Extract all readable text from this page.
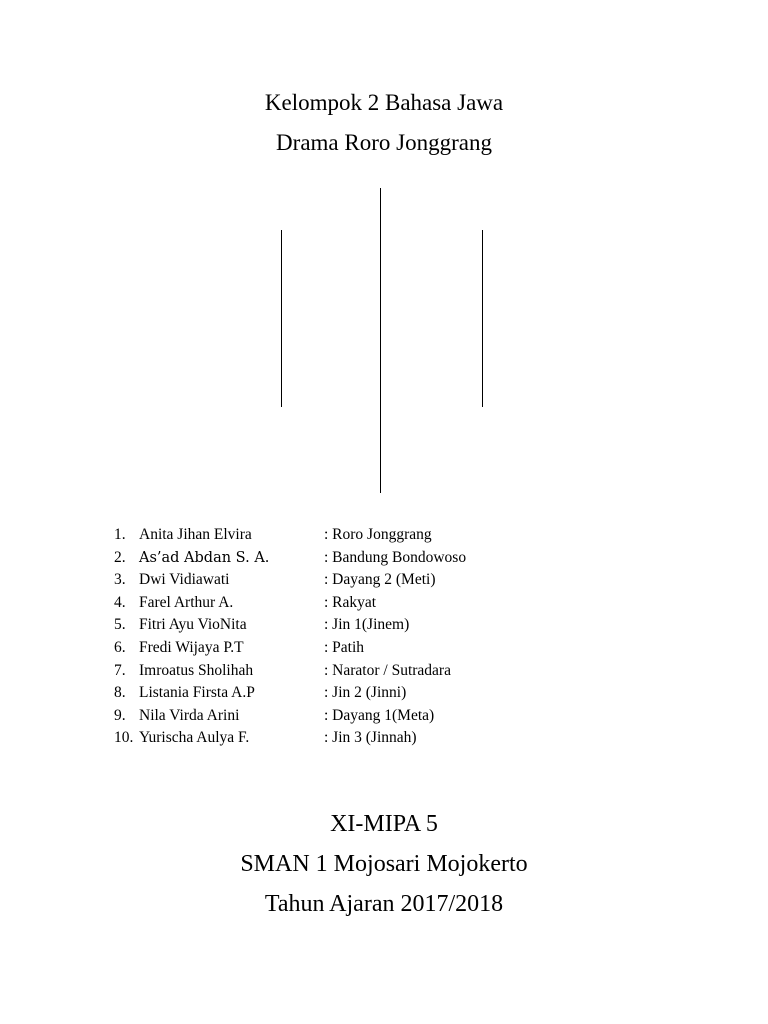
Kelompok 2 Bahasa Jawa
Drama Roro Jonggrang
1. Anita Jihan Elvira	: Roro Jonggrang
2. As’ad Abdan S. A.	: Bandung Bondowoso
3. Dwi Vidiawati	: Dayang 2 (Meti)
4. Farel Arthur A.	: Rakyat
5. Fitri Ayu VioNita	: Jin 1(Jinem)
6. Fredi Wijaya P.T	: Patih
7. Imroatus Sholihah	: Narator / Sutradara
8. Listania Firsta A.P	: Jin 2 (Jinni)
9. Nila Virda Arini	: Dayang 1(Meta)
10. Yurischa Aulya F.	: Jin 3 (Jinnah)
XI-MIPA 5
SMAN 1 Mojosari Mojokerto
Tahun Ajaran 2017/2018
